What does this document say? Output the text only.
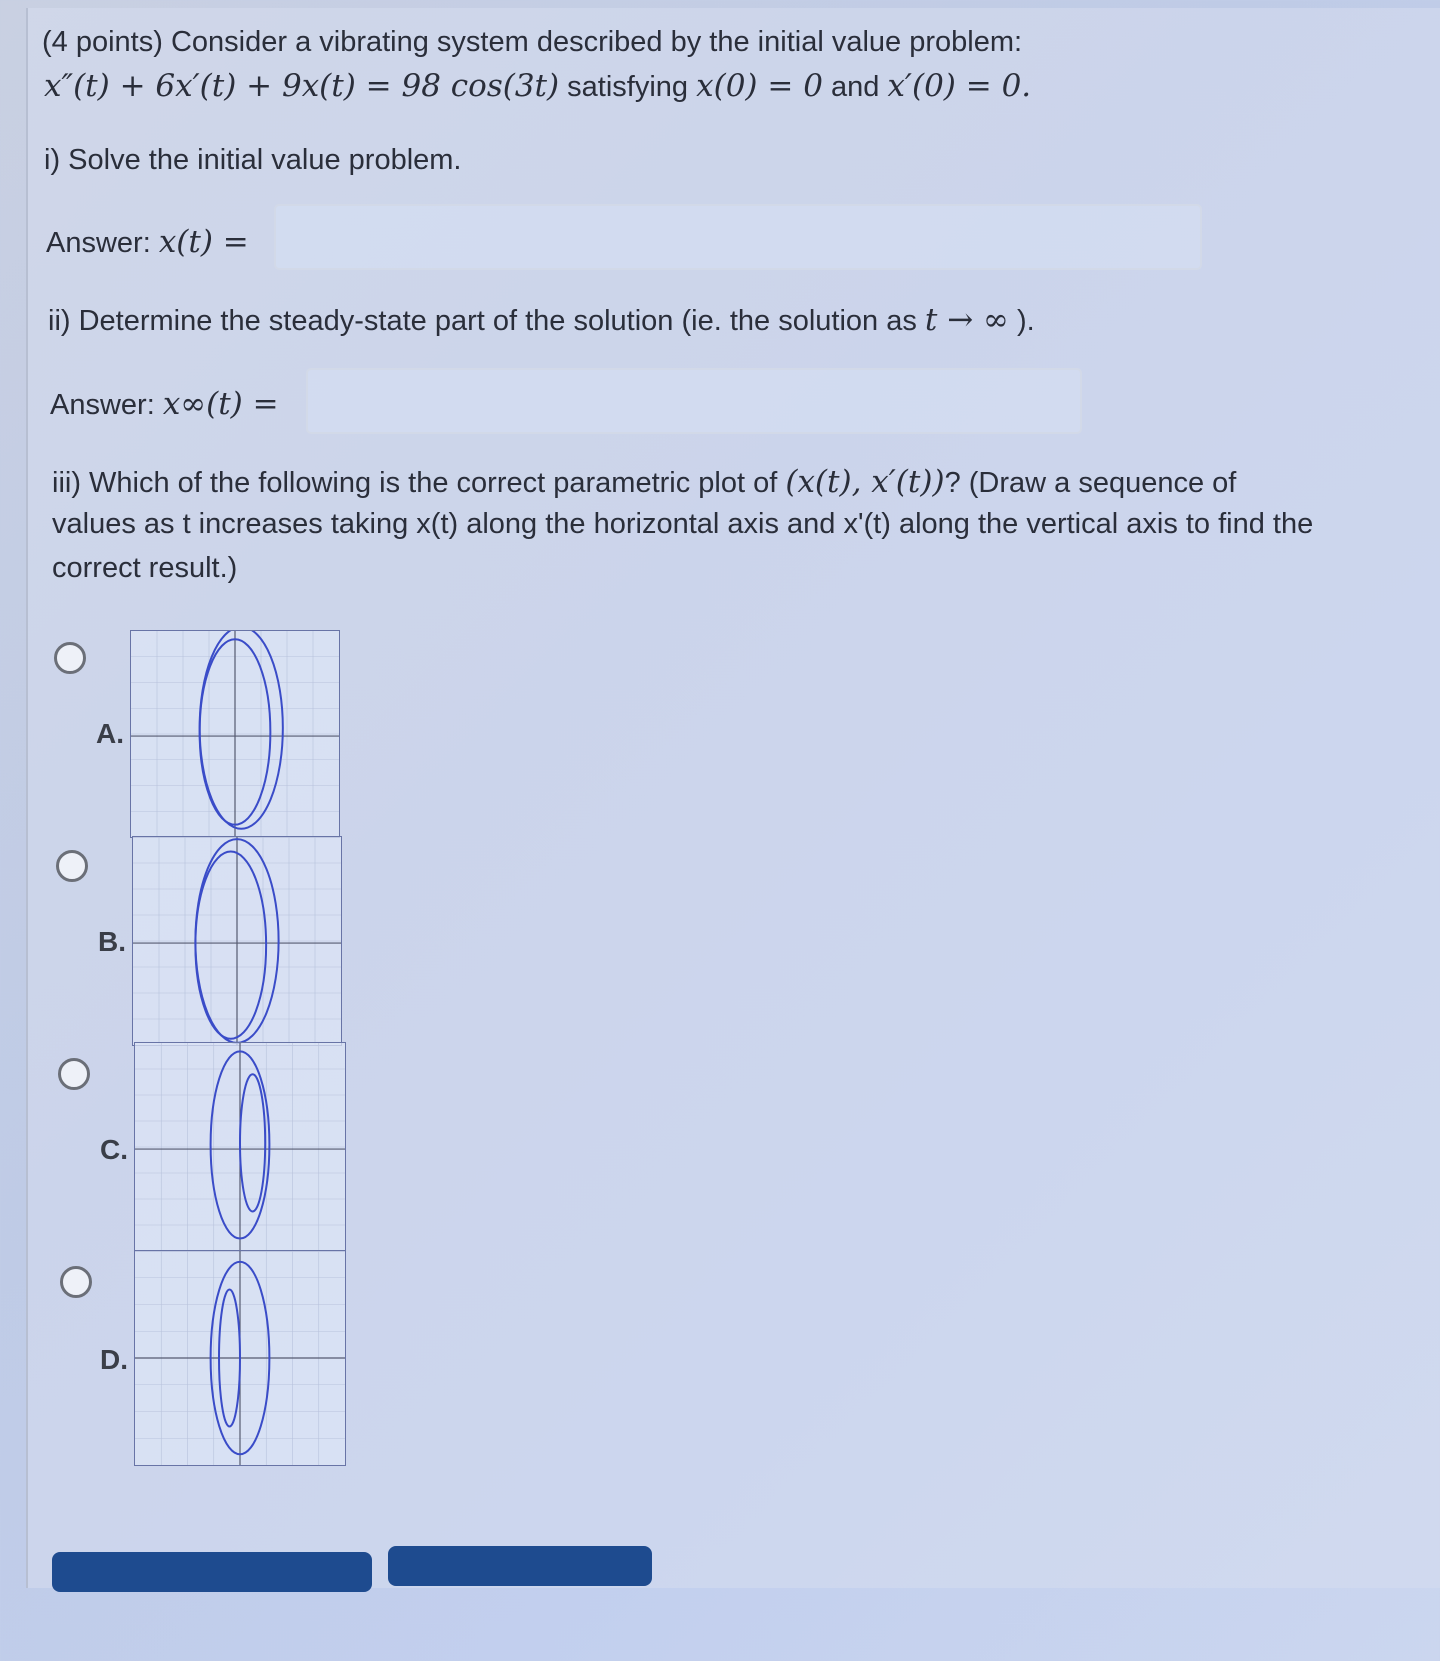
(4 points) Consider a vibrating system described by the initial value problem:
x″(t) + 6x′(t) + 9x(t) = 98 cos(3t) satisfying x(0) = 0 and x′(0) = 0.
i) Solve the initial value problem.
Answer: x(t) =
ii) Determine the steady-state part of the solution (ie. the solution as t → ∞ ).
Answer: x∞(t) =
iii) Which of the following is the correct parametric plot of (x(t), x′(t))? (Draw a sequence of
values as t increases taking x(t) along the horizontal axis and x'(t) along the vertical axis to find the
correct result.)
A.
B.
C.
D.
